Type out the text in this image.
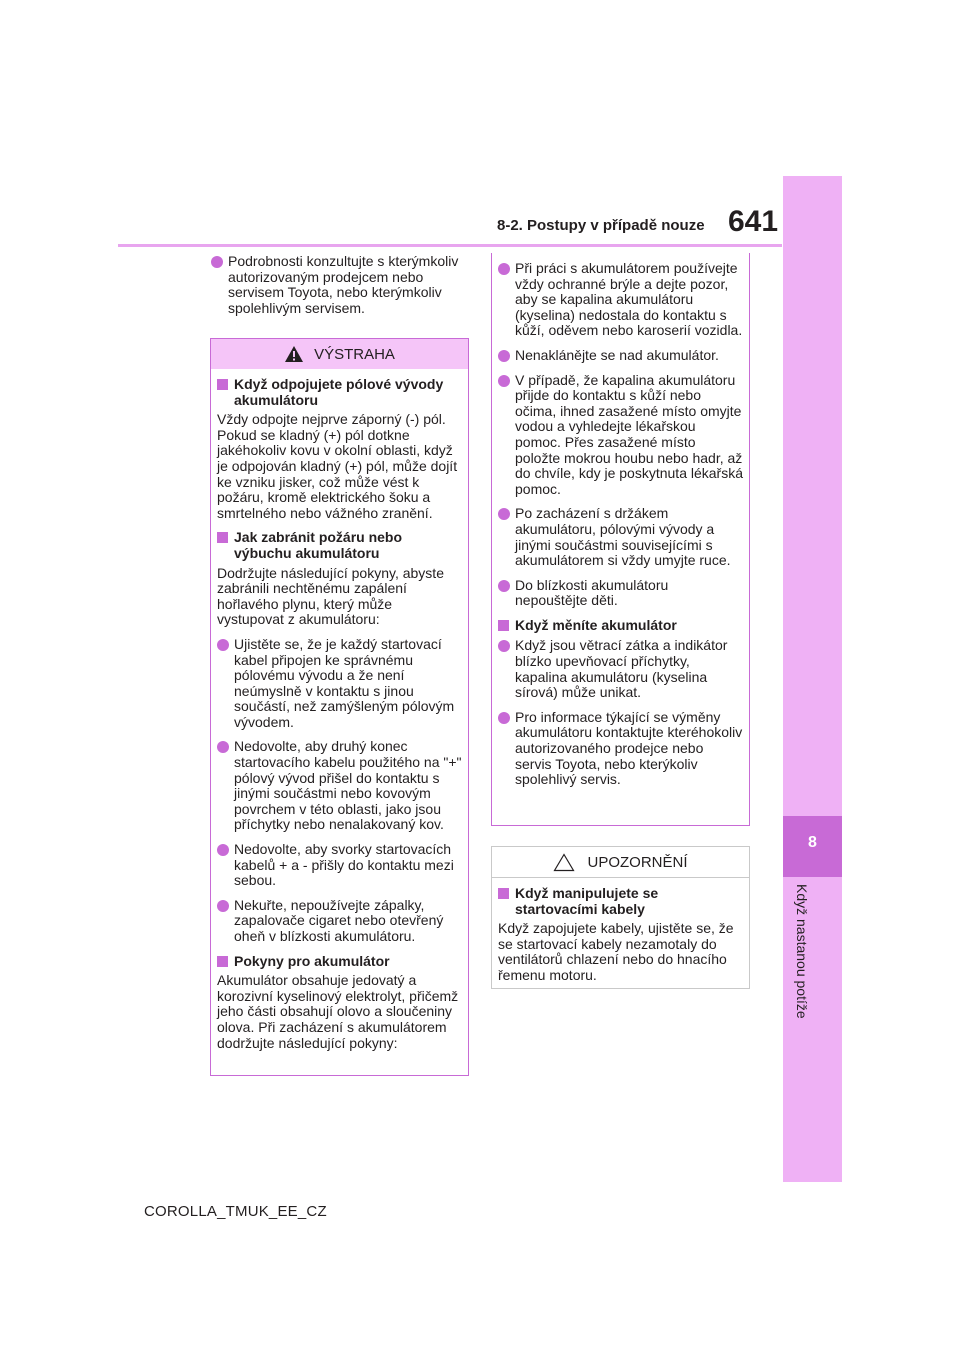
8-2. Postupy v případě nouze 641
8
Když nastanou potíže
Podrobnosti konzultujte s kterýmkoliv autorizovaným prodejcem nebo servisem Toyota, nebo kterýmkoliv spolehlivým servisem.
VÝSTRAHA
Když odpojujete pólové vývody akumulátoru
Vždy odpojte nejprve záporný (-) pól. Pokud se kladný (+) pól dotkne jakéhokoliv kovu v okolní oblasti, když je odpojován kladný (+) pól, může dojít ke vzniku jisker, což může vést k požáru, kromě elektrického šoku a smrtelného nebo vážného zranění.
Jak zabránit požáru nebo výbuchu akumulátoru
Dodržujte následující pokyny, abyste zabránili nechtěnému zapálení hořlavého plynu, který může vystupovat z akumulátoru:
Ujistěte se, že je každý startovací kabel připojen ke správnému pólovému vývodu a že není neúmyslně v kontaktu s jinou součástí, než zamýšleným pólovým vývodem.
Nedovolte, aby druhý konec startovacího kabelu použitého na "+" pólový vývod přišel do kontaktu s jinými součástmi nebo kovovým povrchem v této oblasti, jako jsou příchytky nebo nenalakovaný kov.
Nedovolte, aby svorky startovacích kabelů + a - přišly do kontaktu mezi sebou.
Nekuřte, nepoužívejte zápalky, zapalovače cigaret nebo otevřený oheň v blízkosti akumulátoru.
Pokyny pro akumulátor
Akumulátor obsahuje jedovatý a korozivní kyselinový elektrolyt, přičemž jeho části obsahují olovo a sloučeniny olova. Při zacházení s akumulátorem dodržujte následující pokyny:
Při práci s akumulátorem používejte vždy ochranné brýle a dejte pozor, aby se kapalina akumulátoru (kyselina) nedostala do kontaktu s kůží, oděvem nebo karoserií vozidla.
Nenaklánějte se nad akumulátor.
V případě, že kapalina akumulátoru přijde do kontaktu s kůží nebo očima, ihned zasažené místo omyjte vodou a vyhledejte lékařskou pomoc. Přes zasažené místo položte mokrou houbu nebo hadr, až do chvíle, kdy je poskytnuta lékařská pomoc.
Po zacházení s držákem akumulátoru, pólovými vývody a jinými součástmi souvisejícími s akumulátorem si vždy umyjte ruce.
Do blízkosti akumulátoru nepouštějte děti.
Když měníte akumulátor
Když jsou větrací zátka a indikátor blízko upevňovací příchytky, kapalina akumulátoru (kyselina sírová) může unikat.
Pro informace týkající se výměny akumulátoru kontaktujte kteréhokoliv autorizovaného prodejce nebo servis Toyota, nebo kterýkoliv spolehlivý servis.
UPOZORNĚNÍ
Když manipulujete se startovacími kabely
Když zapojujete kabely, ujistěte se, že se startovací kabely nezamotaly do ventilátorů chlazení nebo do hnacího řemenu motoru.
COROLLA_TMUK_EE_CZ
